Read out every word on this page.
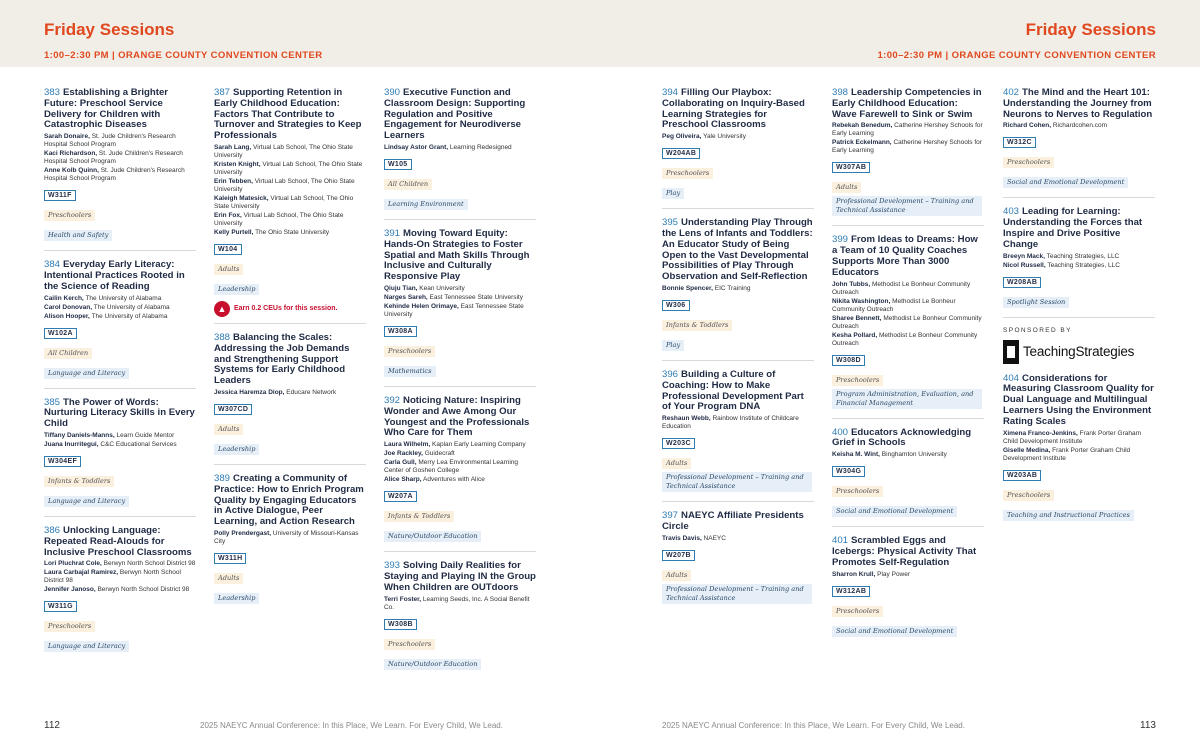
Friday Sessions
1:00–2:30 PM | ORANGE COUNTY CONVENTION CENTER
Friday Sessions
1:00–2:30 PM | ORANGE COUNTY CONVENTION CENTER
383 Establishing a Brighter Future: Preschool Service Delivery for Children with Catastrophic Diseases
Sarah Donaire, St. Jude Children's Research Hospital School Program
Kaci Richardson, St. Jude Children's Research Hospital School Program
Anne Kolb Quinn, St. Jude Children's Research Hospital School Program
W311F
Preschoolers
Health and Safety
384 Everyday Early Literacy: Intentional Practices Rooted in the Science of Reading
Cailin Kerch, The University of Alabama
Carol Donovan, The University of Alabama
Alison Hooper, The University of Alabama
W102A
All Children
Language and Literacy
385 The Power of Words: Nurturing Literacy Skills in Every Child
Tiffany Daniels-Manns, Learn Guide Mentor
Juana Inurritegui, C&C Educational Services
W304EF
Infants & Toddlers
Language and Literacy
386 Unlocking Language: Repeated Read-Alouds for Inclusive Preschool Classrooms
Lori Pluchrat Cole, Berwyn North School District 98
Laura Carbajal Ramirez, Berwyn North School District 98
Jennifer Janoso, Berwyn North School District 98
W311G
Preschoolers
Language and Literacy
387 Supporting Retention in Early Childhood Education: Factors That Contribute to Turnover and Strategies to Keep Professionals
Sarah Lang, Virtual Lab School, The Ohio State University
Kristen Knight, Virtual Lab School, The Ohio State University
Erin Tebben, Virtual Lab School, The Ohio State University
Kaleigh Matesick, Virtual Lab School, The Ohio State University
Erin Fox, Virtual Lab School, The Ohio State University
Kelly Purtell, The Ohio State University
W104
Adults
Leadership
▲	Earn 0.2 CEUs for this session.
388 Balancing the Scales: Addressing the Job Demands and Strengthening Support Systems for Early Childhood Leaders
Jessica Haremza Diop, Educare Network
W307CD
Adults
Leadership
389 Creating a Community of Practice: How to Enrich Program Quality by Engaging Educators in Active Dialogue, Peer Learning, and Action Research
Polly Prendergast, University of Missouri-Kansas City
W311H
Adults
Leadership
390 Executive Function and Classroom Design: Supporting Regulation and Positive Engagement for Neurodiverse Learners
Lindsay Astor Grant, Learning Redesigned
W105
All Children
Learning Environment
391 Moving Toward Equity: Hands-On Strategies to Foster Spatial and Math Skills Through Inclusive and Culturally Responsive Play
Qiuju Tian, Kean University
Narges Sareh, East Tennessee State University
Kehinde Helen Orimaye, East Tennessee State University
W308A
Preschoolers
Mathematics
392 Noticing Nature: Inspiring Wonder and Awe Among Our Youngest and the Professionals Who Care for Them
Laura Wilhelm, Kaplan Early Learning Company
Joe Rackley, Guidecraft
Carla Gull, Merry Lea Environmental Learning Center of Goshen College
Alice Sharp, Adventures with Alice
W207A
Infants & Toddlers
Nature/Outdoor Education
393 Solving Daily Realities for Staying and Playing IN the Group When Children are OUTdoors
Terri Foster, Learning Seeds, Inc. A Social Benefit Co.
W308B
Preschoolers
Nature/Outdoor Education
394 Filling Our Playbox: Collaborating on Inquiry-Based Learning Strategies for Preschool Classrooms
Peg Oliveira, Yale University
W204AB
Preschoolers
Play
395 Understanding Play Through the Lens of Infants and Toddlers: An Educator Study of Being Open to the Vast Developmental Possibilities of Play Through Observation and Self-Reflection
Bonnie Spencer, EIC Training
W306
Infants & Toddlers
Play
396 Building a Culture of Coaching: How to Make Professional Development Part of Your Program DNA
Reshaun Webb, Rainbow Institute of Childcare Education
W203C
Adults
Professional Development – Training and Technical Assistance
397 NAEYC Affiliate Presidents Circle
Travis Davis, NAEYC
W207B
Adults
Professional Development – Training and Technical Assistance
398 Leadership Competencies in Early Childhood Education: Wave Farewell to Sink or Swim
Rebekah Benedum, Catherine Hershey Schools for Early Learning
Patrick Eckelmann, Catherine Hershey Schools for Early Learning
W307AB
Adults
Professional Development – Training and Technical Assistance
399 From Ideas to Dreams: How a Team of 10 Quality Coaches Supports More Than 3000 Educators
John Tubbs, Methodist Le Bonheur Community Outreach
Nikita Washington, Methodist Le Bonheur Community Outreach
Sharee Bennett, Methodist Le Bonheur Community Outreach
Kesha Pollard, Methodist Le Bonheur Community Outreach
W308D
Preschoolers
Program Administration, Evaluation, and Financial Management
400 Educators Acknowledging Grief in Schools
Keisha M. Wint, Binghamton University
W304G
Preschoolers
Social and Emotional Development
401 Scrambled Eggs and Icebergs: Physical Activity That Promotes Self-Regulation
Sharron Krull, Play Power
W312AB
Preschoolers
Social and Emotional Development
402 The Mind and the Heart 101: Understanding the Journey from Neurons to Nerves to Regulation
Richard Cohen, Richardcohen.com
W312C
Preschoolers
Social and Emotional Development
403 Leading for Learning: Understanding the Forces that Inspire and Drive Positive Change
Breeyn Mack, Teaching Strategies, LLC
Nicol Russell, Teaching Strategies, LLC
W208AB
Spotlight Session
SPONSORED BY
TeachingStrategies
404 Considerations for Measuring Classroom Quality for Dual Language and Multilingual Learners Using the Environment Rating Scales
Ximena Franco-Jenkins, Frank Porter Graham Child Development Institute
Giselle Medina, Frank Porter Graham Child Development Institute
W203AB
Preschoolers
Teaching and Instructional Practices
112	2025 NAEYC Annual Conference: In this Place, We Learn. For Every Child, We Lead.	2025 NAEYC Annual Conference: In this Place, We Learn. For Every Child, We Lead.	113
